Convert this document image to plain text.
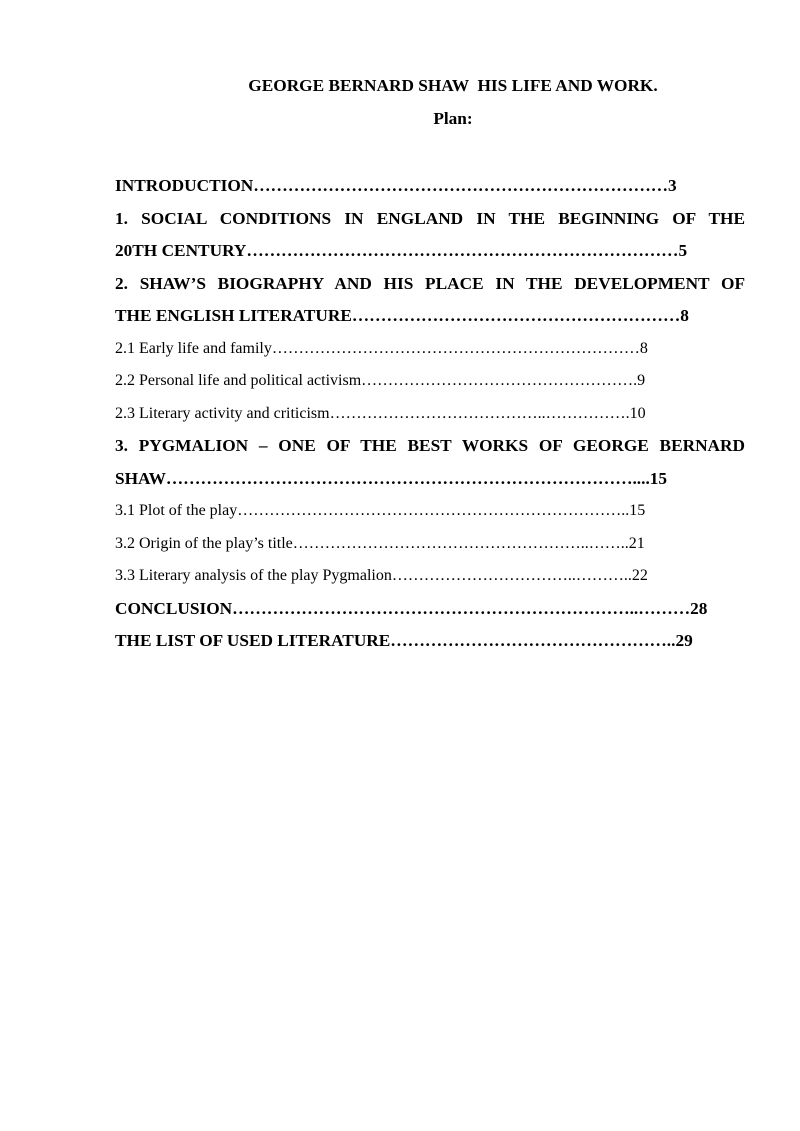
GEORGE BERNARD SHAW  HIS LIFE AND WORK.
Plan:
INTRODUCTION………………………………………………………………3
1. SOCIAL CONDITIONS IN ENGLAND IN THE BEGINNING OF THE
20TH CENTURY…………………………………………………………………5
2. SHAW’S BIOGRAPHY AND HIS PLACE IN THE DEVELOPMENT OF
THE ENGLISH LITERATURE…………………………………………………8
2.1 Early life and family……………………………………………………………8
2.2 Personal life and political activism…………………………………………….9
2.3 Literary activity and criticism…………………………………..…………….10
3. PYGMALION – ONE OF THE BEST WORKS OF GEORGE BERNARD
SHAW………………………………………………………………………....15
3.1 Plot of the play………………………………………………………………..15
3.2 Origin of the play’s title………………………………………………..……..21
3.3 Literary analysis of the play Pygmalion……………………………..………..22
CONCLUSION……………………………………………………………..………28
THE LIST OF USED LITERATURE…………………………………………..29
